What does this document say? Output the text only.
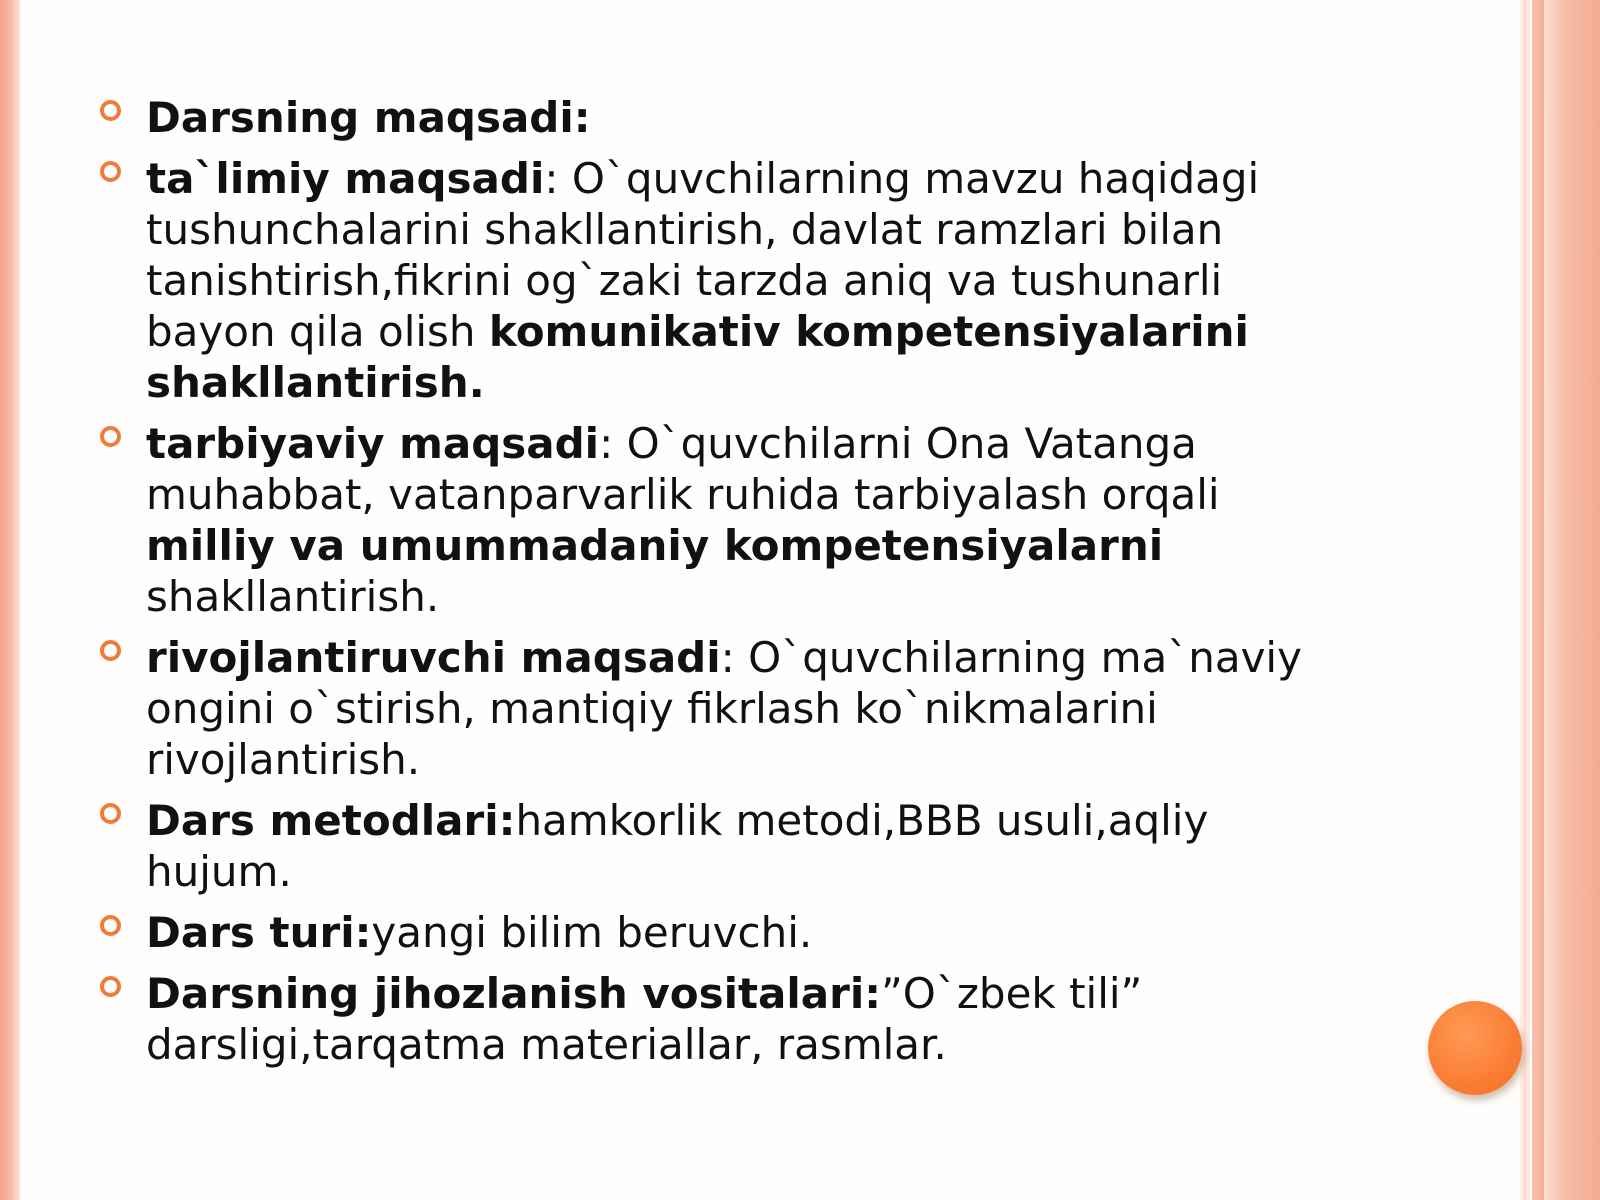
Darsning maqsadi:
ta`limiy maqsadi: O`quvchilarning mavzu haqidagi tushunchalarini shakllantirish, davlat ramzlari bilan tanishtirish,fikrini og`zaki tarzda aniq va tushunarli bayon qila olish komunikativ kompetensiyalarini shakllantirish.
tarbiyaviy maqsadi: O`quvchilarni Ona Vatanga muhabbat, vatanparvarlik ruhida tarbiyalash orqali milliy va umummadaniy kompetensiyalarni shakllantirish.
rivojlantiruvchi maqsadi: O`quvchilarning ma`naviy ongini o`stirish, mantiqiy fikrlash ko`nikmalarini rivojlantirish.
Dars metodlari:hamkorlik metodi,BBB usuli,aqliy hujum.
Dars turi:yangi bilim beruvchi.
Darsning jihozlanish vositalari:”O`zbek tili” darsligi,tarqatma materiallar, rasmlar.
